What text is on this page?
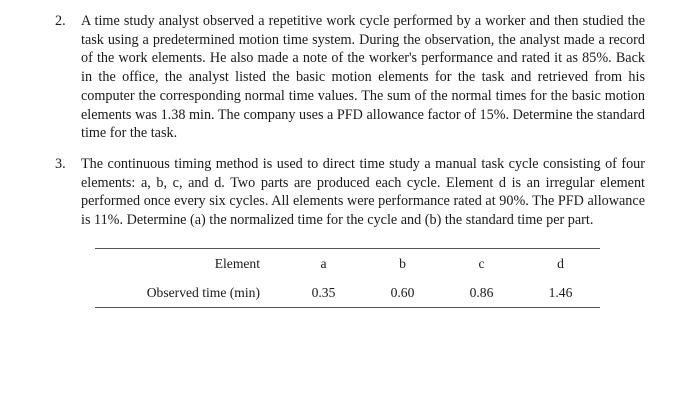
2. A time study analyst observed a repetitive work cycle performed by a worker and then studied the task using a predetermined motion time system. During the observation, the analyst made a record of the work elements. He also made a note of the worker's performance and rated it as 85%. Back in the office, the analyst listed the basic motion elements for the task and retrieved from his computer the corresponding normal time values. The sum of the normal times for the basic motion elements was 1.38 min. The company uses a PFD allowance factor of 15%. Determine the standard time for the task.
3. The continuous timing method is used to direct time study a manual task cycle consisting of four elements: a, b, c, and d. Two parts are produced each cycle. Element d is an irregular element performed once every six cycles. All elements were performance rated at 90%. The PFD allowance is 11%. Determine (a) the normalized time for the cycle and (b) the standard time per part.
Element	a	b	c	d
Observed time (min)	0.35	0.60	0.86	1.46
